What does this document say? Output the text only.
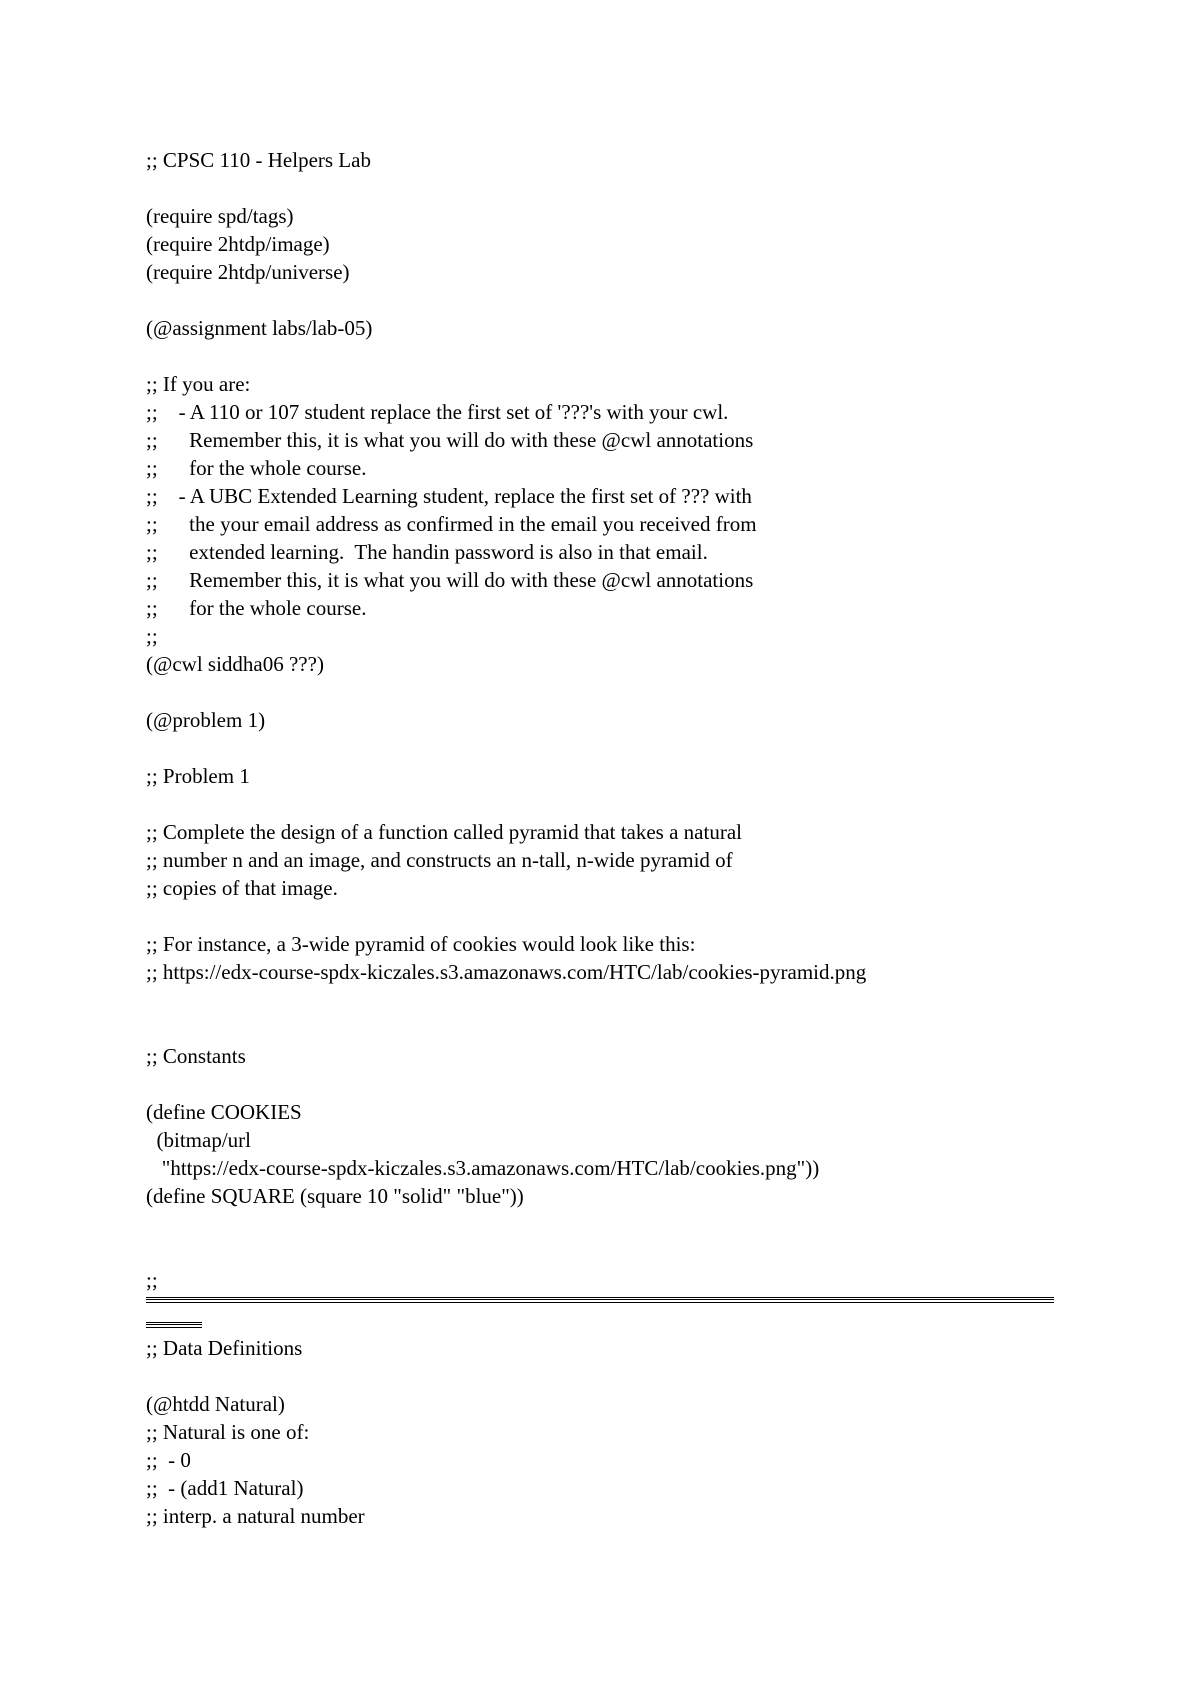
;; CPSC 110 - Helpers Lab
(require spd/tags)
(require 2htdp/image)
(require 2htdp/universe)
(@assignment labs/lab-05)
;; If you are:
;;    - A 110 or 107 student replace the first set of '???'s with your cwl.
;;      Remember this, it is what you will do with these @cwl annotations
;;      for the whole course.
;;    - A UBC Extended Learning student, replace the first set of ??? with
;;      the your email address as confirmed in the email you received from
;;      extended learning.  The handin password is also in that email.
;;      Remember this, it is what you will do with these @cwl annotations
;;      for the whole course.
;;
(@cwl siddha06 ???)
(@problem 1)
;; Problem 1
;; Complete the design of a function called pyramid that takes a natural
;; number n and an image, and constructs an n-tall, n-wide pyramid of
;; copies of that image.
;; For instance, a 3-wide pyramid of cookies would look like this:
;; https://edx-course-spdx-kiczales.s3.amazonaws.com/HTC/lab/cookies-pyramid.png
;; Constants
(define COOKIES
(bitmap/url
"https://edx-course-spdx-kiczales.s3.amazonaws.com/HTC/lab/cookies.png"))
(define SQUARE (square 10 "solid" "blue"))
;;
;; Data Definitions
(@htdd Natural)
;; Natural is one of:
;;  - 0
;;  - (add1 Natural)
;; interp. a natural number
